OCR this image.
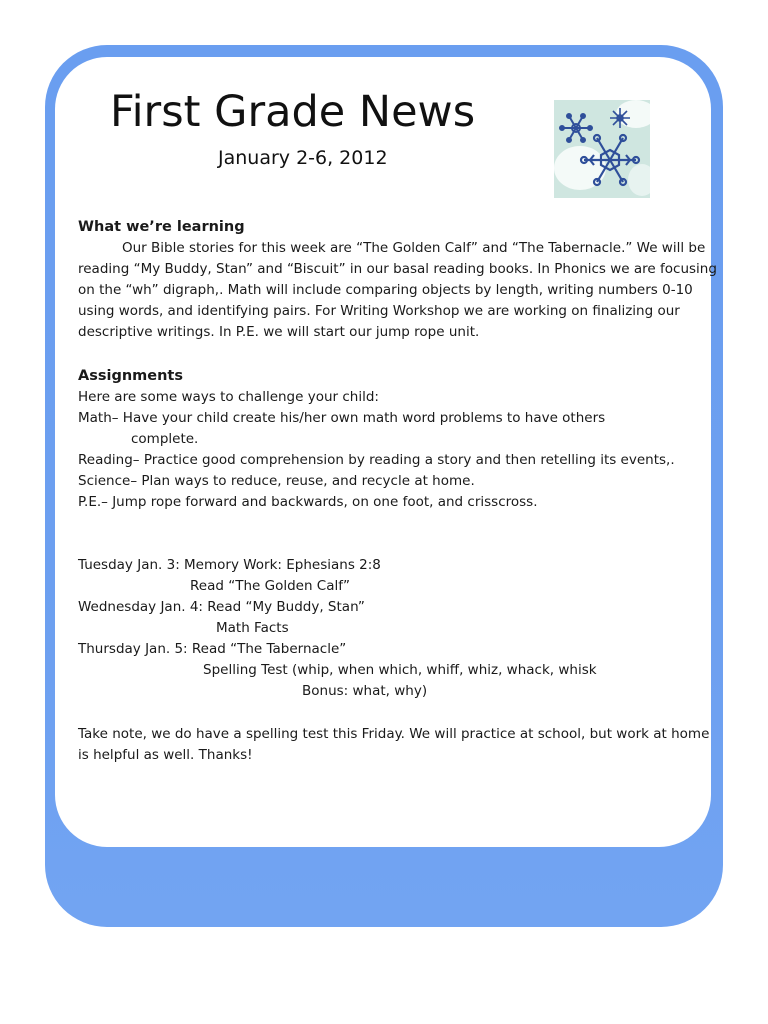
First Grade News
January 2-6, 2012
What we’re learning

Our Bible stories for this week are “The Golden Calf” and “The Tabernacle.” We will be reading “My Buddy, Stan” and “Biscuit” in our basal reading books. In Phonics we are focusing on the “wh” digraph,. Math will include comparing objects by length, writing numbers 0-10 using words, and identifying pairs. For Writing Workshop we are working on finalizing our descriptive writings. In P.E. we will start our jump rope unit.

Assignments

Here are some ways to challenge your child:

Math– Have your child create his/her own math word problems to have others

complete.

Reading– Practice good comprehension by reading a story and then retelling its events,.

Science– Plan ways to reduce, reuse, and recycle at home.

P.E.– Jump rope forward and backwards, on one foot, and crisscross.

Tuesday Jan. 3: Memory Work: Ephesians 2:8

Read “The Golden Calf”

Wednesday Jan. 4: Read “My Buddy, Stan”

Math Facts

Thursday Jan. 5: Read “The Tabernacle”

Spelling Test (whip, when which, whiff, whiz, whack, whisk

Bonus: what, why)

Take note, we do have a spelling test this Friday. We will practice at school, but work at home is helpful as well. Thanks!
